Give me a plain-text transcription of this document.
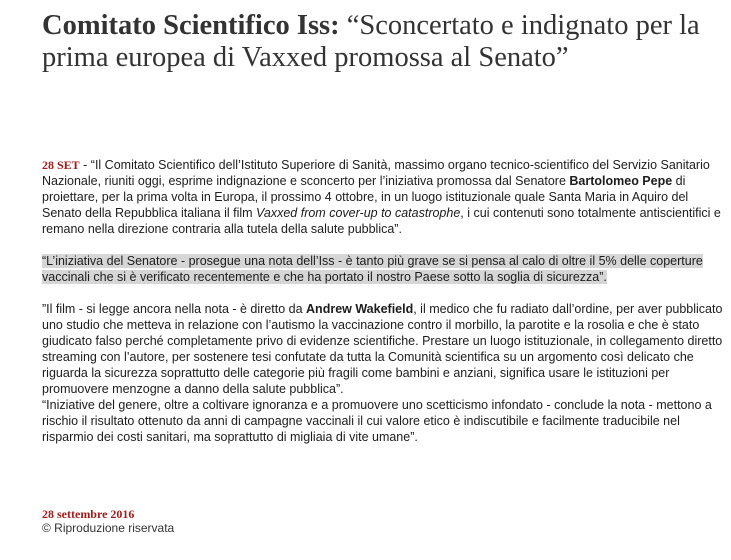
Comitato Scientifico Iss: “Sconcertato e indignato per la prima europea di Vaxxed promossa al Senato”

28 SET - “Il Comitato Scientifico dell’Istituto Superiore di Sanità, massimo organo tecnico-scientifico del Servizio Sanitario Nazionale, riuniti oggi, esprime indignazione e sconcerto per l’iniziativa promossa dal Senatore Bartolomeo Pepe di proiettare, per la prima volta in Europa, il prossimo 4 ottobre, in un luogo istituzionale quale Santa Maria in Aquiro del Senato della Repubblica italiana il film Vaxxed from cover-up to catastrophe, i cui contenuti sono totalmente antiscientifici e remano nella direzione contraria alla tutela della salute pubblica”.

“L’iniziativa del Senatore - prosegue una nota dell’Iss - è tanto più grave se si pensa al calo di oltre il 5% delle coperture vaccinali che si è verificato recentemente e che ha portato il nostro Paese sotto la soglia di sicurezza”.

”Il film - si legge ancora nella nota - è diretto da Andrew Wakefield, il medico che fu radiato dall’ordine, per aver pubblicato uno studio che metteva in relazione con l’autismo la vaccinazione contro il morbillo, la parotite e la rosolia e che è stato giudicato falso perché completamente privo di evidenze scientifiche. Prestare un luogo istituzionale, in collegamento diretto streaming con l’autore, per sostenere tesi confutate da tutta la Comunità scientifica su un argomento così delicato che riguarda la sicurezza soprattutto delle categorie più fragili come bambini e anziani, significa usare le istituzioni per promuovere menzogne a danno della salute pubblica”.

“Iniziative del genere, oltre a coltivare ignoranza e a promuovere uno scetticismo infondato - conclude la nota - mettono a rischio il risultato ottenuto da anni di campagne vaccinali il cui valore etico è indiscutibile e facilmente traducibile nel risparmio dei costi sanitari, ma soprattutto di migliaia di vite umane”.

28 settembre 2016
© Riproduzione riservata
